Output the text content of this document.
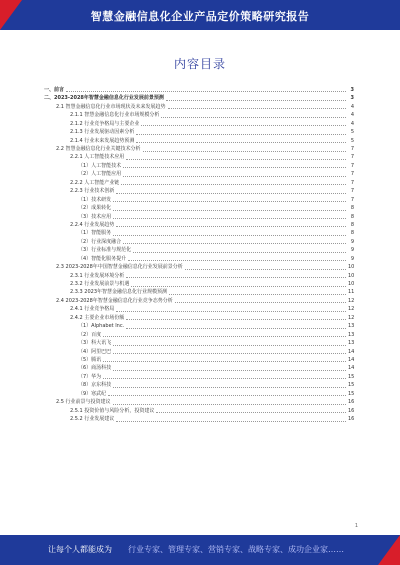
智慧金融信息化企业产品定价策略研究报告
内容目录
一、前言	3
二、2023-2028年智慧金融信息化行业发展前景预测	3
2.1 智慧金融信息化行业市场现状及未来发展趋势	4
2.1.1 智慧金融信息化行业市场规模分析	4
2.1.2 行业竞争格局与主要企业	4
2.1.3 行业发展驱动因素分析	5
2.1.4 行业未来发展趋势预测	5
2.2 智慧金融信息化行业关键技术分析	7
2.2.1 人工智能技术应用	7
（1）人工智能技术	7
（2）人工智能应用	7
2.2.2 人工智能产业链	7
2.2.3 行业技术创新	7
（1）技术研发	7
（2）成果转化	8
（3）技术应用	8
2.2.4 行业发展趋势	8
（1）智能服务	8
（2）行业深度融合	9
（3）行业标准与规范化	9
（4）智能化服务提升	9
2.3 2023-2028年中国智慧金融信息化行业发展前景分析	10
2.3.1 行业发展环境分析	10
2.3.2 行业发展前景与机遇	10
2.3.3 2023年智慧金融信息化行业规模预测	11
2.4 2023-2028年智慧金融信息化行业竞争态势分析	12
2.4.1 行业竞争格局	12
2.4.2 主要企业市场份额	12
（1）Alphabet Inc.	13
（2）百度	13
（3）科大讯飞	13
（4）阿里巴巴	14
（5）腾讯	14
（6）商汤科技	14
（7）华为	15
（8）京东科技	15
（9）寒武纪	15
2.5 行业前景与投资建议	16
2.5.1 投资价值与风险分析，投资建议	16
2.5.2 行业发展建议	16
1
让每个人都能成为 行业专家、管理专家、营销专家、战略专家、成功企业家……
